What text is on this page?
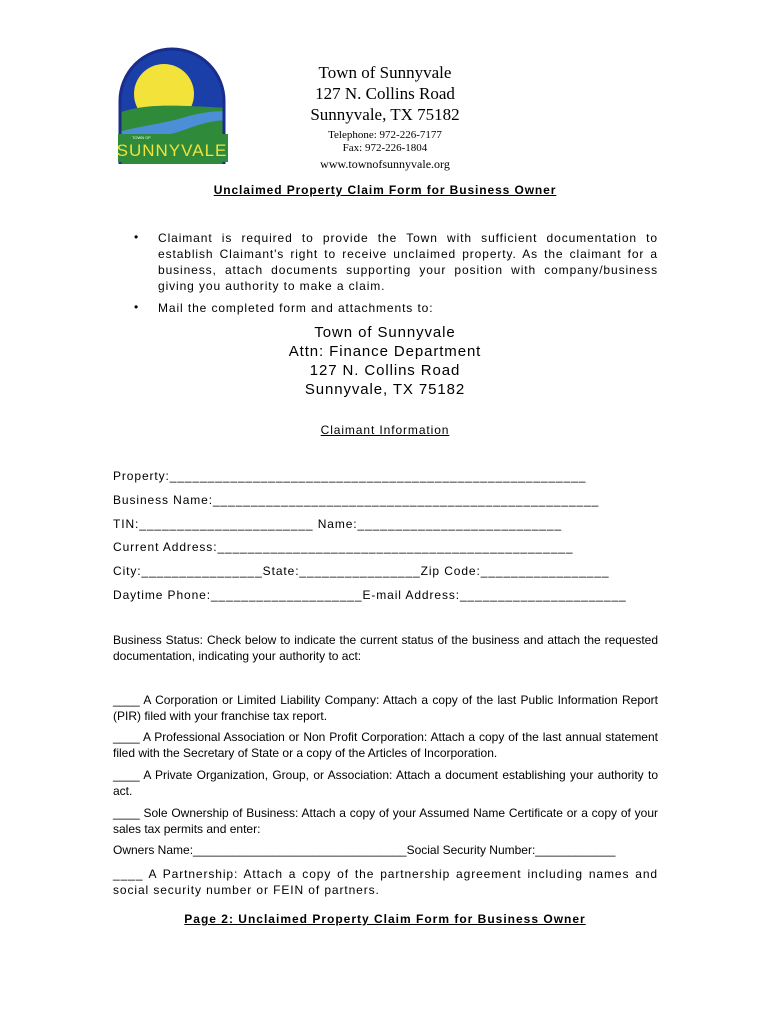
TOWN OF
SUNNYVALE
Town of Sunnyvale
127 N. Collins Road
Sunnyvale, TX 75182
Telephone: 972-226-7177
Fax: 972-226-1804
www.townofsunnyvale.org
Unclaimed Property Claim Form for Business Owner
• Claimant is required to provide the Town with sufficient documentation to establish Claimant's right to receive unclaimed property. As the claimant for a business, attach documents supporting your position with company/business giving you authority to make a claim.
• Mail the completed form and attachments to:
Town of Sunnyvale
Attn: Finance Department
127 N. Collins Road
Sunnyvale, TX 75182
Claimant Information
Property:_______________________________________________________
Business Name:___________________________________________________
TIN:_______________________ Name:___________________________
Current Address:_______________________________________________
City:________________State:________________Zip Code:_________________
Daytime Phone:____________________E-mail Address:______________________
Business Status: Check below to indicate the current status of the business and attach the requested documentation, indicating your authority to act:
____ A Corporation or Limited Liability Company: Attach a copy of the last Public Information Report (PIR) filed with your franchise tax report.
____ A Professional Association or Non Profit Corporation: Attach a copy of the last annual statement filed with the Secretary of State or a copy of the Articles of Incorporation.
____ A Private Organization, Group, or Association: Attach a document establishing your authority to act.
____ Sole Ownership of Business: Attach a copy of your Assumed Name Certificate or a copy of your sales tax permits and enter:
Owners Name:________________________________Social Security Number:____________
____ A Partnership: Attach a copy of the partnership agreement including names and social security number or FEIN of partners.
Page 2: Unclaimed Property Claim Form for Business Owner
